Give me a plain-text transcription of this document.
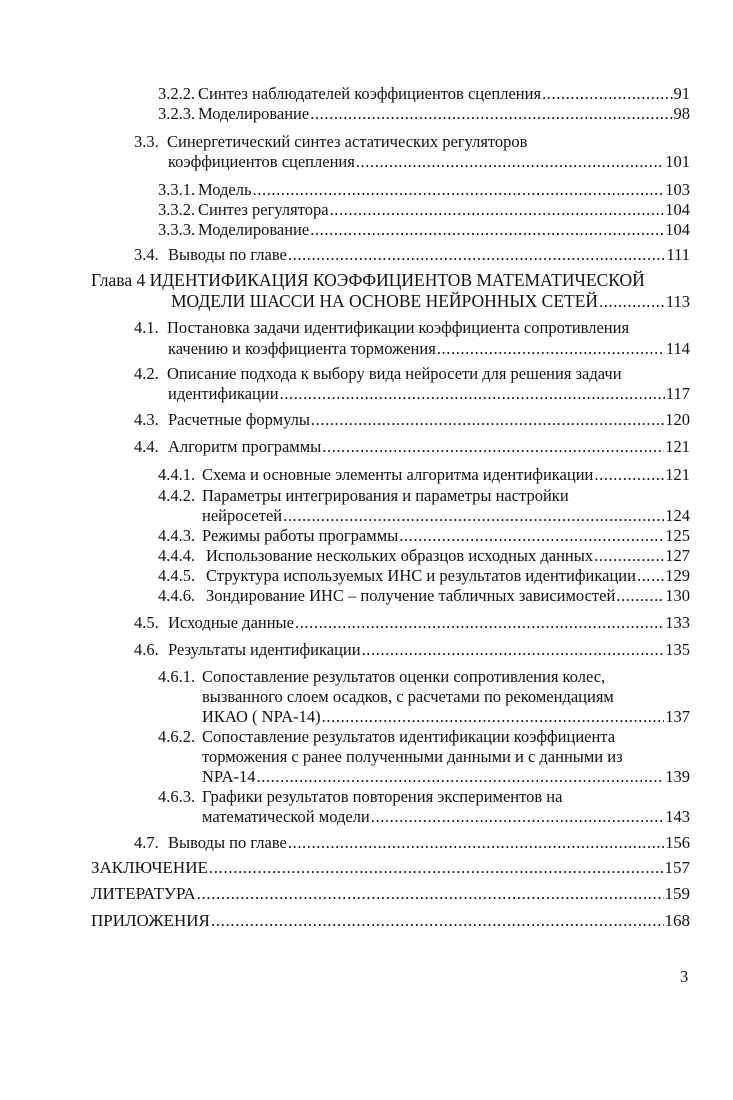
3.2.2. Синтез наблюдателей коэффициентов сцепления .....	91
3.2.3. Моделирование .....	98
3.3. Синергетический синтез астатических регуляторов
коэффициентов сцепления .....	101
3.3.1. Модель .....	103
3.3.2. Синтез регулятора .....	104
3.3.3. Моделирование .....	104
3.4. Выводы по главе .....	111
Глава 4 ИДЕНТИФИКАЦИЯ КОЭФФИЦИЕНТОВ МАТЕМАТИЧЕСКОЙ
МОДЕЛИ ШАССИ НА ОСНОВЕ НЕЙРОННЫХ СЕТЕЙ .....	113
4.1. Постановка задачи идентификации коэффициента сопротивления
качению и коэффициента торможения .....	114
4.2. Описание подхода к выбору вида нейросети для решения задачи
идентификации .....	117
4.3. Расчетные формулы .....	120
4.4. Алгоритм программы .....	121
4.4.1. Схема и основные элементы алгоритма идентификации .....	121
4.4.2. Параметры интегрирования и параметры настройки
нейросетей .....	124
4.4.3. Режимы работы программы .....	125
4.4.4. Использование нескольких образцов исходных данных .....	127
4.4.5. Структура используемых ИНС и результатов идентификации ..... 129
4.4.6. Зондирование ИНС – получение табличных зависимостей .....	130
4.5. Исходные данные .....	133
4.6. Результаты идентификации .....	135
4.6.1. Сопоставление результатов оценки сопротивления колес,
вызванного слоем осадков, с расчетами по рекомендациям
ИКАО ( NPA-14) .....	137
4.6.2. Сопоставление результатов идентификации коэффициента
торможения с ранее полученными данными и с данными из
NPA-14 .....	139
4.6.3. Графики результатов повторения экспериментов на
математической модели .....	143
4.7. Выводы по главе .....	156
ЗАКЛЮЧЕНИЕ .....	157
ЛИТЕРАТУРА .....	159
ПРИЛОЖЕНИЯ .....	168
3
